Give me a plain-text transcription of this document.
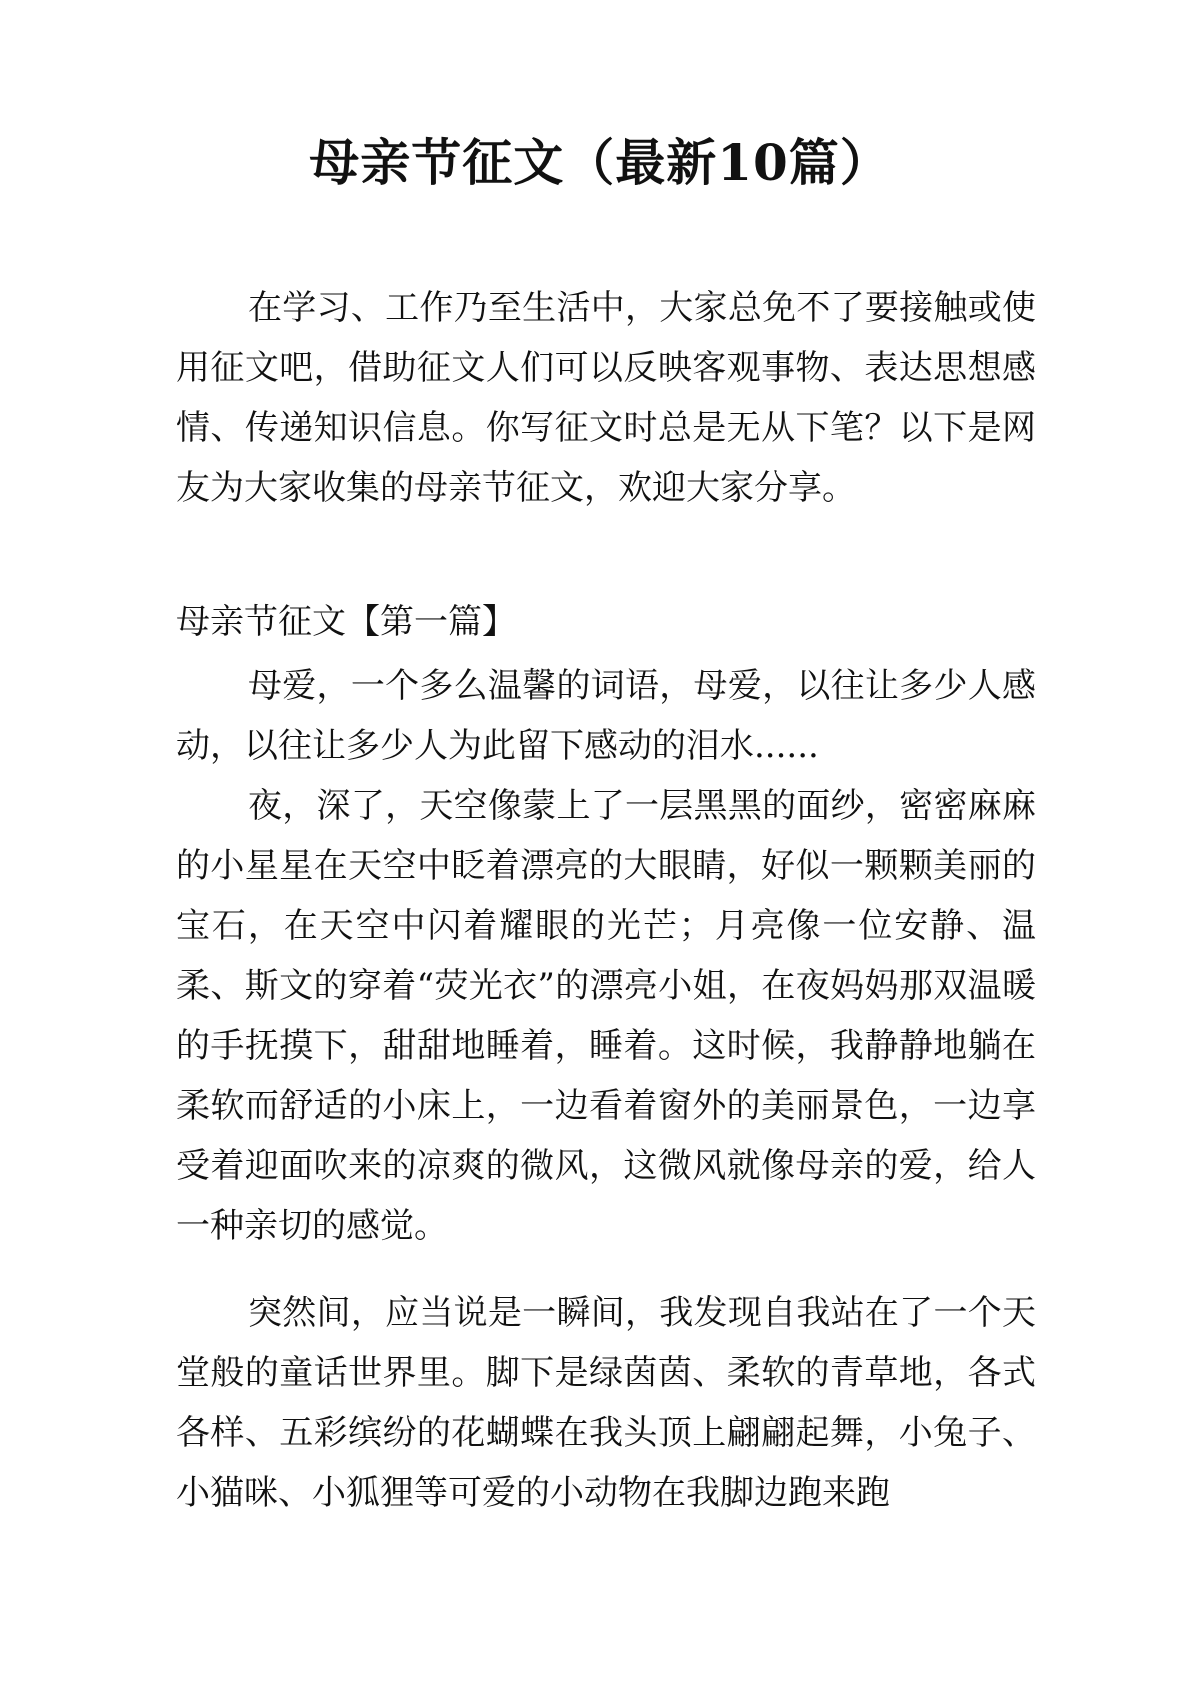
母亲节征文（最新10篇）

在学习、工作乃至生活中，大家总免不了要接触或使用征文吧，借助征文人们可以反映客观事物、表达思想感情、传递知识信息。你写征文时总是无从下笔？以下是网友为大家收集的母亲节征文，欢迎大家分享。

母亲节征文【第一篇】

母爱，一个多么温馨的词语，母爱，以往让多少人感动，以往让多少人为此留下感动的泪水......

夜，深了，天空像蒙上了一层黑黑的面纱，密密麻麻的小星星在天空中眨着漂亮的大眼睛，好似一颗颗美丽的宝石，在天空中闪着耀眼的光芒；月亮像一位安静、温柔、斯文的穿着“荧光衣”的漂亮小姐，在夜妈妈那双温暖的手抚摸下，甜甜地睡着，睡着。这时候，我静静地躺在柔软而舒适的小床上，一边看着窗外的美丽景色，一边享受着迎面吹来的凉爽的微风，这微风就像母亲的爱，给人一种亲切的感觉。

突然间，应当说是一瞬间，我发现自我站在了一个天堂般的童话世界里。脚下是绿茵茵、柔软的青草地，各式各样、五彩缤纷的花蝴蝶在我头顶上翩翩起舞，小兔子、小猫咪、小狐狸等可爱的小动物在我脚边跑来跑
